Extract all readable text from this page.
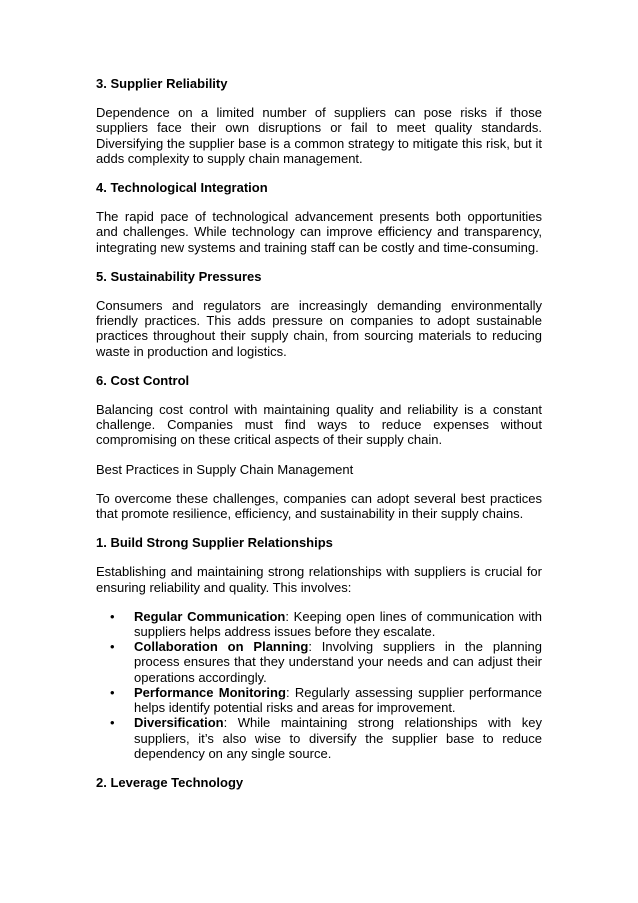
3. Supplier Reliability

Dependence on a limited number of suppliers can pose risks if those suppliers face their own disruptions or fail to meet quality standards. Diversifying the supplier base is a common strategy to mitigate this risk, but it adds complexity to supply chain management.

4. Technological Integration

The rapid pace of technological advancement presents both opportunities and challenges. While technology can improve efficiency and transparency, integrating new systems and training staff can be costly and time-consuming.

5. Sustainability Pressures

Consumers and regulators are increasingly demanding environmentally friendly practices. This adds pressure on companies to adopt sustainable practices throughout their supply chain, from sourcing materials to reducing waste in production and logistics.

6. Cost Control

Balancing cost control with maintaining quality and reliability is a constant challenge. Companies must find ways to reduce expenses without compromising on these critical aspects of their supply chain.

Best Practices in Supply Chain Management

To overcome these challenges, companies can adopt several best practices that promote resilience, efficiency, and sustainability in their supply chains.

1. Build Strong Supplier Relationships

Establishing and maintaining strong relationships with suppliers is crucial for ensuring reliability and quality. This involves:

• Regular Communication: Keeping open lines of communication with suppliers helps address issues before they escalate.
• Collaboration on Planning: Involving suppliers in the planning process ensures that they understand your needs and can adjust their operations accordingly.
• Performance Monitoring: Regularly assessing supplier performance helps identify potential risks and areas for improvement.
• Diversification: While maintaining strong relationships with key suppliers, it’s also wise to diversify the supplier base to reduce dependency on any single source.
2. Leverage Technology
